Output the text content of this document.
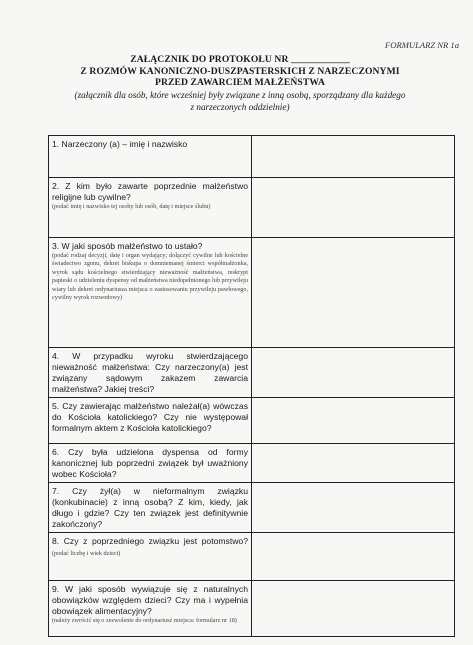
FORMULARZ NR 1a
ZAŁĄCZNIK DO PROTOKOŁU NR ____________
Z ROZMÓW KANONICZNO-DUSZPASTERSKICH Z NARZECZONYMI
PRZED ZAWARCIEM MAŁŻEŃSTWA
(załącznik dla osób, które wcześniej były związane z inną osobą, sporządzany dla każdego
z narzeczonych oddzielnie)
1. Narzeczony (a) – imię i nazwisko	

2. Z kim było zawarte poprzednie małżeństwo religijne lub cywilne?
(podać imię i nazwisko tej osoby lub osób, datę i miejsce ślubu)	

3. W jaki sposób małżeństwo to ustało?
(podać rodzaj decyzji, datę i organ wydający; dołączyć cywilne lub kościelne świadectwo zgonu, dekret biskupa o domniemanej śmierci współmałżonka, wyrok sądu kościelnego stwierdzający nieważność małżeństwa, reskrypt papieski o udzieleniu dyspensy od małżeństwa niedopełnionego lub przywileju wiary lub dekret ordynariusza miejsca o zastosowaniu przywileju pawłowego, cywilny wyrok rozwodowy)	

4. W przypadku wyroku stwierdzającego nieważność małżeństwa: Czy narzeczony(a) jest związany sądowym zakazem zawarcia małżeństwa? Jakiej treści?	

5. Czy zawierając małżeństwo należał(a) wówczas do Kościoła katolickiego? Czy nie występował formalnym aktem z Kościoła katolickiego?	

6. Czy była udzielona dyspensa od formy kanonicznej lub poprzedni związek był uważniony wobec Kościoła?	

7. Czy żył(a) w nieformalnym związku (konkubinacie) z inną osobą? Z kim, kiedy, jak długo i gdzie? Czy ten związek jest definitywnie zakończony?	

8. Czy z poprzedniego związku jest potomstwo? (podać liczbę i wiek dzieci)	

9. W jaki sposób wywiązuje się z naturalnych obowiązków względem dzieci? Czy ma i wypełnia obowiązek alimentacyjny?
(należy zwrócić się o zezwolenie do ordynariusz miejsca: formularz nr 18)	
